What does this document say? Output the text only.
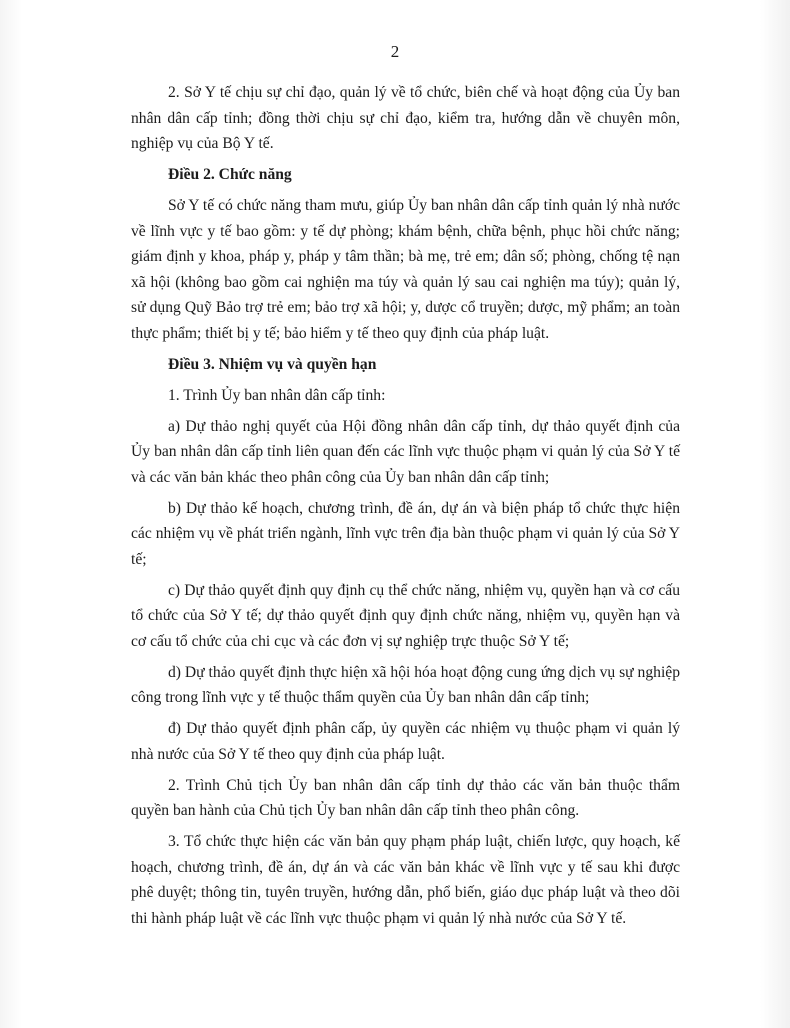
2

2. Sở Y tế chịu sự chỉ đạo, quản lý về tổ chức, biên chế và hoạt động của Ủy ban nhân dân cấp tỉnh; đồng thời chịu sự chỉ đạo, kiểm tra, hướng dẫn về chuyên môn, nghiệp vụ của Bộ Y tế.

Điều 2. Chức năng

Sở Y tế có chức năng tham mưu, giúp Ủy ban nhân dân cấp tỉnh quản lý nhà nước về lĩnh vực y tế bao gồm: y tế dự phòng; khám bệnh, chữa bệnh, phục hồi chức năng; giám định y khoa, pháp y, pháp y tâm thần; bà mẹ, trẻ em; dân số; phòng, chống tệ nạn xã hội (không bao gồm cai nghiện ma túy và quản lý sau cai nghiện ma túy); quản lý, sử dụng Quỹ Bảo trợ trẻ em; bảo trợ xã hội; y, dược cổ truyền; dược, mỹ phẩm; an toàn thực phẩm; thiết bị y tế; bảo hiểm y tế theo quy định của pháp luật.

Điều 3. Nhiệm vụ và quyền hạn

1. Trình Ủy ban nhân dân cấp tỉnh:

a) Dự thảo nghị quyết của Hội đồng nhân dân cấp tỉnh, dự thảo quyết định của Ủy ban nhân dân cấp tỉnh liên quan đến các lĩnh vực thuộc phạm vi quản lý của Sở Y tế và các văn bản khác theo phân công của Ủy ban nhân dân cấp tỉnh;

b) Dự thảo kế hoạch, chương trình, đề án, dự án và biện pháp tổ chức thực hiện các nhiệm vụ về phát triển ngành, lĩnh vực trên địa bàn thuộc phạm vi quản lý của Sở Y tế;

c) Dự thảo quyết định quy định cụ thể chức năng, nhiệm vụ, quyền hạn và cơ cấu tổ chức của Sở Y tế; dự thảo quyết định quy định chức năng, nhiệm vụ, quyền hạn và cơ cấu tổ chức của chi cục và các đơn vị sự nghiệp trực thuộc Sở Y tế;

d) Dự thảo quyết định thực hiện xã hội hóa hoạt động cung ứng dịch vụ sự nghiệp công trong lĩnh vực y tế thuộc thẩm quyền của Ủy ban nhân dân cấp tỉnh;

đ) Dự thảo quyết định phân cấp, ủy quyền các nhiệm vụ thuộc phạm vi quản lý nhà nước của Sở Y tế theo quy định của pháp luật.

2. Trình Chủ tịch Ủy ban nhân dân cấp tỉnh dự thảo các văn bản thuộc thẩm quyền ban hành của Chủ tịch Ủy ban nhân dân cấp tỉnh theo phân công.

3. Tổ chức thực hiện các văn bản quy phạm pháp luật, chiến lược, quy hoạch, kế hoạch, chương trình, đề án, dự án và các văn bản khác về lĩnh vực y tế sau khi được phê duyệt; thông tin, tuyên truyền, hướng dẫn, phổ biến, giáo dục pháp luật và theo dõi thi hành pháp luật về các lĩnh vực thuộc phạm vi quản lý nhà nước của Sở Y tế.
